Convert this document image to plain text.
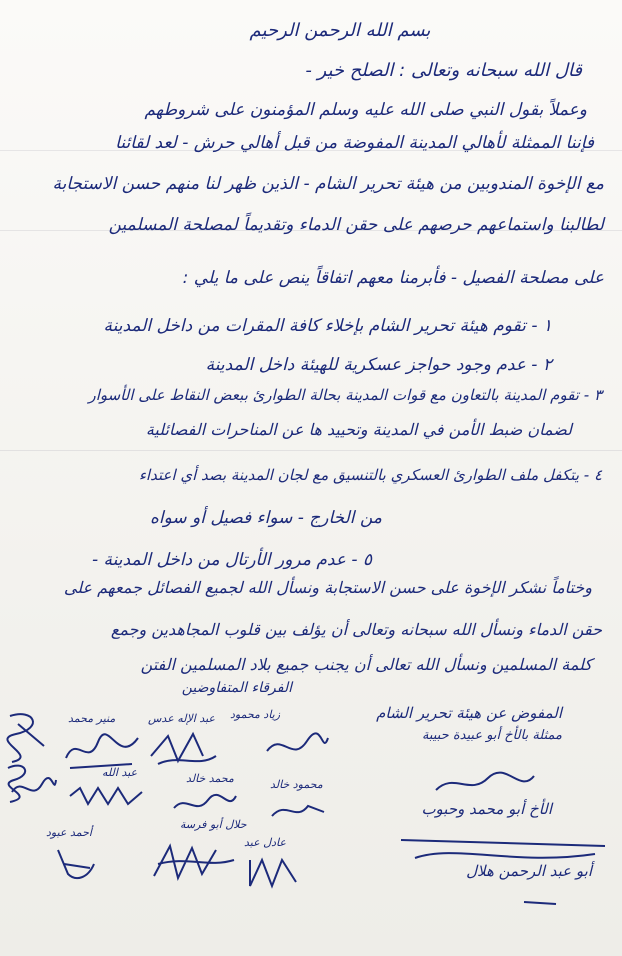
بسم الله الرحمن الرحيم
قال الله سبحانه وتعالى : الصلح خير -
وعملاً بقول النبي صلى الله عليه وسلم المؤمنون على شروطهم
فإننا الممثلة لأهالي المدينة المفوضة من قبل أهالي حرش - لعد لقائنا
مع الإخوة المندوبين من هيئة تحرير الشام - الذين ظهر لنا منهم حسن الاستجابة
لطالبنا واستماعهم حرصهم على حقن الدماء وتقديماً لمصلحة المسلمين
على مصلحة الفصيل - فأبرمنا معهم اتفاقاً ينص على ما يلي :
١ - تقوم هيئة تحرير الشام بإخلاء كافة المقرات من داخل المدينة
٢ - عدم وجود حواجز عسكرية للهيئة داخل المدينة
٣ - تقوم المدينة بالتعاون مع قوات المدينة بحالة الطوارئ ببعض النقاط على الأسوار
لضمان ضبط الأمن في المدينة وتحييد ها عن المناحرات الفصائلية
٤ - يتكفل ملف الطوارئ العسكري بالتنسيق مع لجان المدينة بصد أي اعتداء
من الخارج - سواء فصيل أو سواه
٥ - عدم مرور الأرتال من داخل المدينة -
وختاماً نشكر الإخوة على حسن الاستجابة ونسأل الله لجميع الفصائل جمعهم على
حقن الدماء ونسأل الله سبحانه وتعالى أن يؤلف بين قلوب المجاهدين وجمع
كلمة المسلمين ونسأل الله تعالى أن يجنب جميع بلاد المسلمين الفتن
الفرقاء المتفاوضين
المفوض عن هيئة تحرير الشام
ممثلة بالأخ أبو عبيدة حبيبة
زياد محمود
عبد الإله عدس
منير محمد
محمد خالد	محمود خالد
عبد الله
حلال أبو فرسة
عادل عبد
أحمد عبود
الأخ أبو محمد وحبوب
أبو عبد الرحمن هلال
